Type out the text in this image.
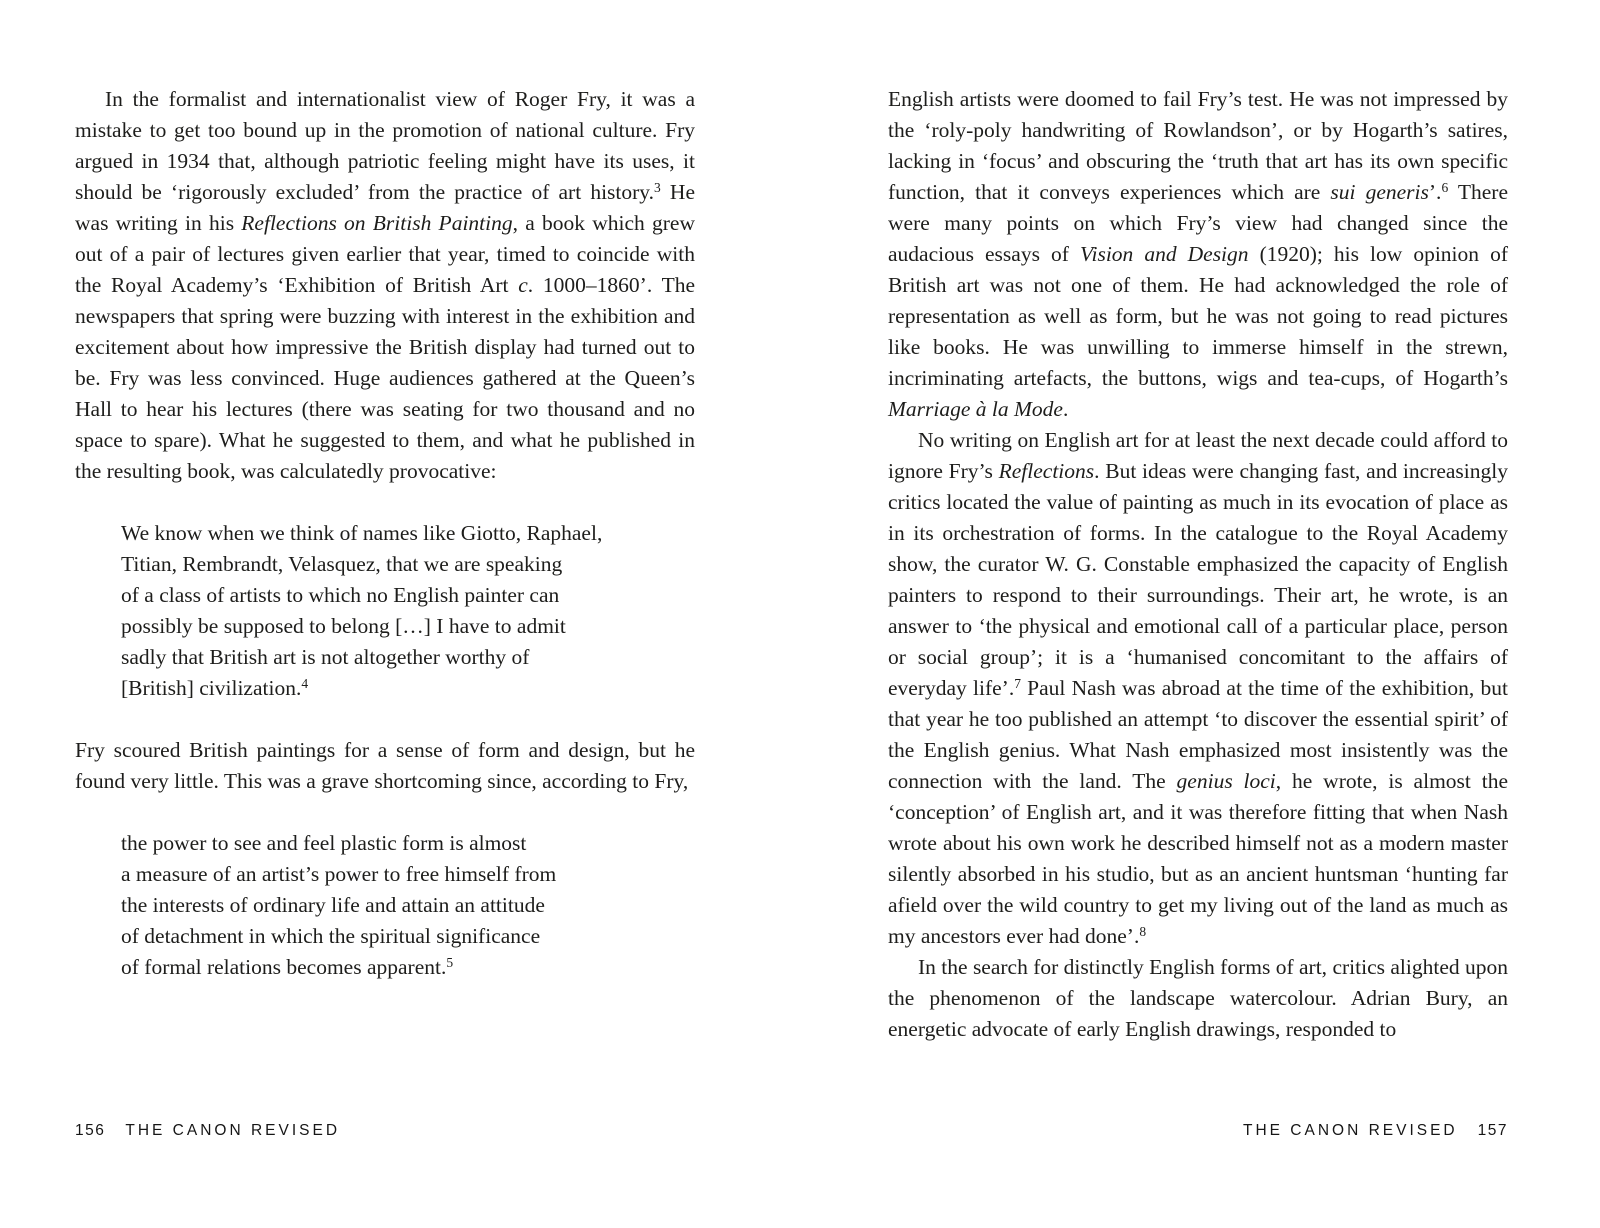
In the formalist and internationalist view of Roger Fry, it was a mistake to get too bound up in the promotion of national culture. Fry argued in 1934 that, although patriotic feeling might have its uses, it should be ‘rigorously excluded’ from the practice of art history.$^3$ He was writing in his Reflections on British Painting, a book which grew out of a pair of lectures given earlier that year, timed to coincide with the Royal Academy’s ‘Exhibition of British Art c. 1000–1860’. The newspapers that spring were buzzing with interest in the exhibition and excitement about how impressive the British display had turned out to be. Fry was less convinced. Huge audiences gathered at the Queen’s Hall to hear his lectures (there was seating for two thousand and no space to spare). What he suggested to them, and what he published in the resulting book, was calculatedly provocative:

We know when we think of names like Giotto, Raphael,
Titian, Rembrandt, Velasquez, that we are speaking
of a class of artists to which no English painter can
possibly be supposed to belong […] I have to admit
sadly that British art is not altogether worthy of
[British] civilization.$^4$

Fry scoured British paintings for a sense of form and design, but he found very little. This was a grave shortcoming since, according to Fry,

the power to see and feel plastic form is almost
a measure of an artist’s power to free himself from
the interests of ordinary life and attain an attitude
of detachment in which the spiritual significance
of formal relations becomes apparent.$^5$
156 THE CANON REVISED

English artists were doomed to fail Fry’s test. He was not impressed by the ‘roly-poly handwriting of Rowlandson’, or by Hogarth’s satires, lacking in ‘focus’ and obscuring the ‘truth that art has its own specific function, that it conveys experiences which are sui generis’.$^6$ There were many points on which Fry’s view had changed since the audacious essays of Vision and Design (1920); his low opinion of British art was not one of them. He had acknowledged the role of representation as well as form, but he was not going to read pictures like books. He was unwilling to immerse himself in the strewn, incriminating artefacts, the buttons, wigs and tea-cups, of Hogarth’s Marriage à la Mode.

No writing on English art for at least the next decade could afford to ignore Fry’s Reflections. But ideas were changing fast, and increasingly critics located the value of painting as much in its evocation of place as in its orchestration of forms. In the catalogue to the Royal Academy show, the curator W. G. Constable emphasized the capacity of English painters to respond to their surroundings. Their art, he wrote, is an answer to ‘the physical and emotional call of a particular place, person or social group’; it is a ‘humanised concomitant to the affairs of everyday life’.$^7$ Paul Nash was abroad at the time of the exhibition, but that year he too published an attempt ‘to discover the essential spirit’ of the English genius. What Nash emphasized most insistently was the connection with the land. The genius loci, he wrote, is almost the ‘conception’ of English art, and it was therefore fitting that when Nash wrote about his own work he described himself not as a modern master silently absorbed in his studio, but as an ancient huntsman ‘hunting far afield over the wild country to get my living out of the land as much as my ancestors ever had done’.$^8$

In the search for distinctly English forms of art, critics alighted upon the phenomenon of the landscape watercolour. Adrian Bury, an energetic advocate of early English drawings, responded to

THE CANON REVISED 157
